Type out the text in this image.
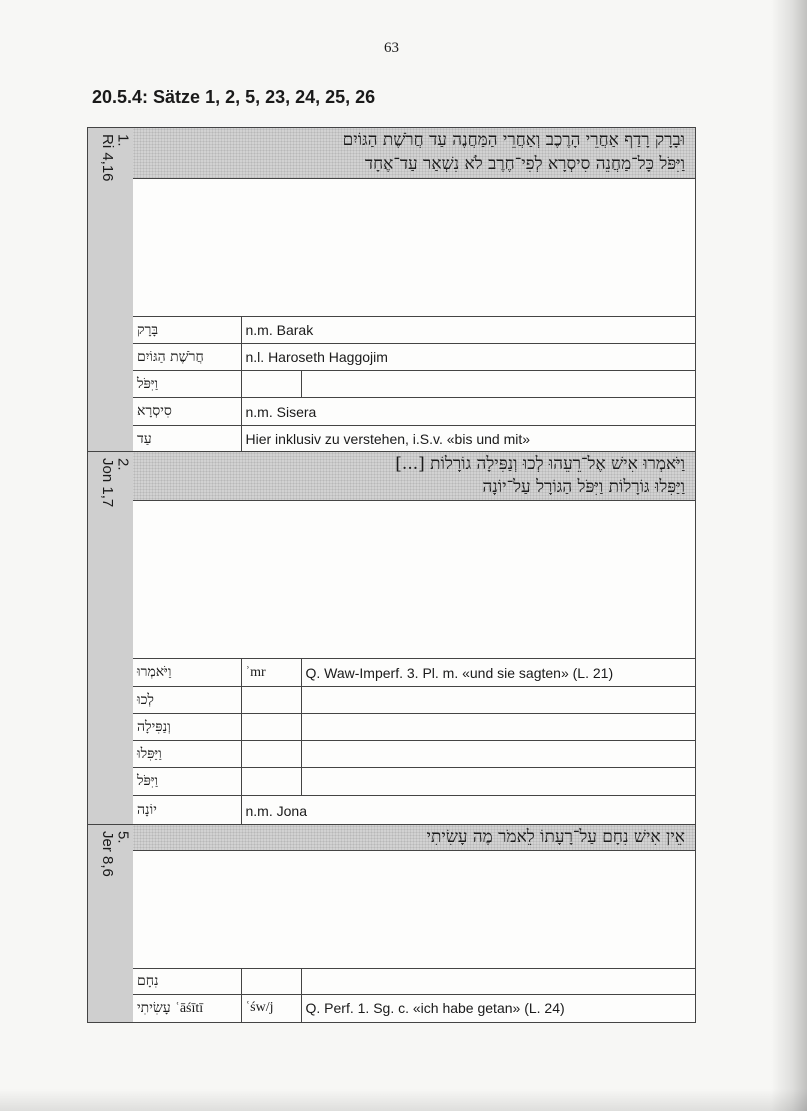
63
20.5.4: Sätze 1, 2, 5, 23, 24, 25, 26
1.
Ri 4,16
וּבָרָק רָדַף אַחֲרֵי הָרֶכֶב וְאַחֲרֵי הַמַּחֲנֶה עַד חֲרֹשֶׁת הַגּוֹיִם
וַיִּפֹּל כָּל־מַחֲנֵה סִיסְרָא לְפִי־חֶרֶב לֹא נִשְׁאַר עַד־אֶחָד
בָּרָק	n.m. Barak	
חֲרֹשֶׁת הַגּוֹיִם	n.l. Haroseth Haggojim	
וַיִּפֹּל		
סִיסְרָא	n.m. Sisera	
עַד	Hier inklusiv zu verstehen, i.S.v. «bis und mit»	
2.
Jon 1,7
וַיֹּאמְרוּ אִישׁ אֶל־רֵעֵהוּ לְכוּ וְנַפִּילָה גוֹרָלוֹת [...]
וַיַּפִּלוּ גּוֹרָלוֹת וַיִּפֹּל הַגּוֹרָל עַל־יוֹנָה
וַיֹּאמְרוּ	ʾmr	Q. Waw-Imperf. 3. Pl. m. «und sie sagten» (L. 21)
לְכוּ		
וְנַפִּילָה		
וַיַּפִּלוּ		
וַיִּפֹּל		
יוֹנָה	n.m. Jona	
5.
Jer 8,6
אֵין אִישׁ נִחָם עַל־רָעָתוֹ לֵאמֹר מֶה עָשִׂיתִי
נִחָם		
עָשִׂיתִי ʿāśītī	ʿśw/j	Q. Perf. 1. Sg. c. «ich habe getan» (L. 24)
